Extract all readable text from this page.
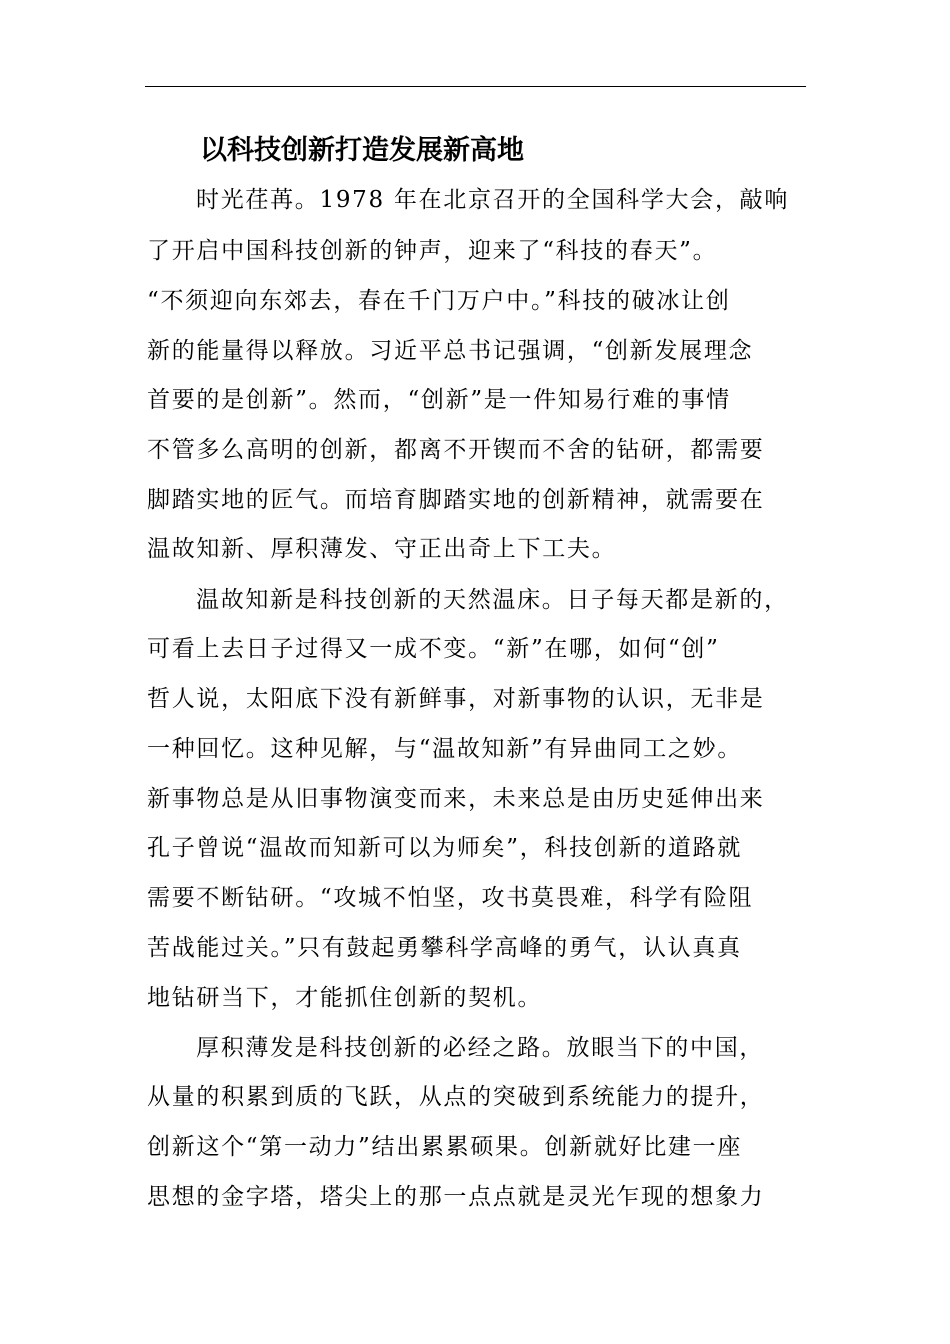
以科技创新打造发展新高地

时光荏苒。1978 年在北京召开的全国科学大会，敲响

了开启中国科技创新的钟声，迎来了“科技的春天”。

“不须迎向东郊去，春在千门万户中。”科技的破冰让创

新的能量得以释放。习近平总书记强调，“创新发展理念

首要的是创新”。然而，“创新”是一件知易行难的事情

不管多么高明的创新，都离不开锲而不舍的钻研，都需要

脚踏实地的匠气。而培育脚踏实地的创新精神，就需要在

温故知新、厚积薄发、守正出奇上下工夫。

温故知新是科技创新的天然温床。日子每天都是新的，

可看上去日子过得又一成不变。“新”在哪，如何“创”

哲人说，太阳底下没有新鲜事，对新事物的认识，无非是

一种回忆。这种见解，与“温故知新”有异曲同工之妙。

新事物总是从旧事物演变而来，未来总是由历史延伸出来

孔子曾说“温故而知新可以为师矣”，科技创新的道路就

需要不断钻研。“攻城不怕坚，攻书莫畏难，科学有险阻

苦战能过关。”只有鼓起勇攀科学高峰的勇气，认认真真

地钻研当下，才能抓住创新的契机。

厚积薄发是科技创新的必经之路。放眼当下的中国，

从量的积累到质的飞跃，从点的突破到系统能力的提升，

创新这个“第一动力”结出累累硕果。创新就好比建一座

思想的金字塔，塔尖上的那一点点就是灵光乍现的想象力
